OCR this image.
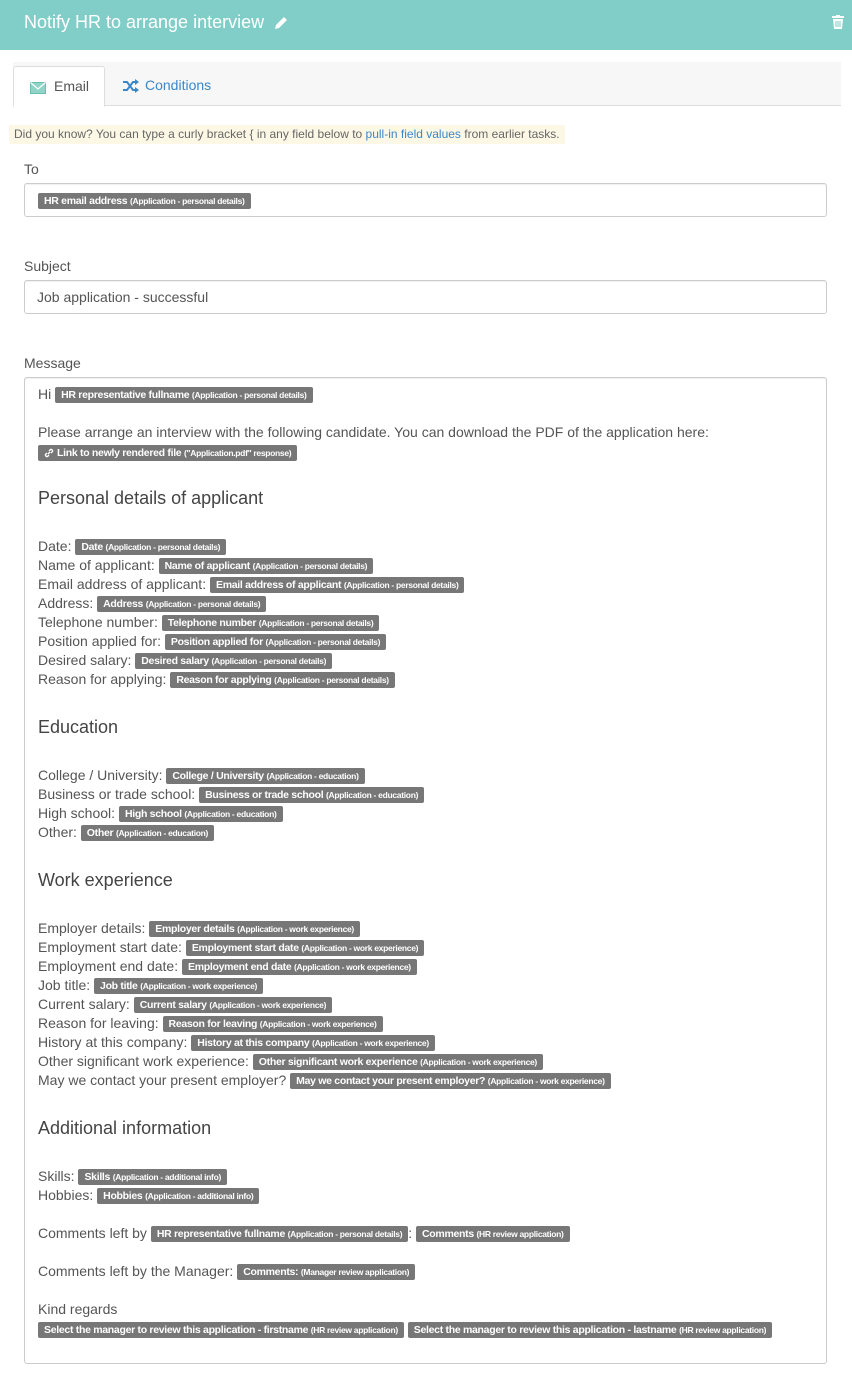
Notify HR to arrange interview
Email	Conditions
Did you know? You can type a curly bracket { in any field below to pull-in field values from earlier tasks.
To
HR email address (Application - personal details)
Subject
Job application - successful
Message
Hi HR representative fullname (Application - personal details)
Please arrange an interview with the following candidate. You can download the PDF of the application here:
Link to newly rendered file ("Application.pdf" response)
Personal details of applicant
Date: Date (Application - personal details)
Name of applicant: Name of applicant (Application - personal details)
Email address of applicant: Email address of applicant (Application - personal details)
Address: Address (Application - personal details)
Telephone number: Telephone number (Application - personal details)
Position applied for: Position applied for (Application - personal details)
Desired salary: Desired salary (Application - personal details)
Reason for applying: Reason for applying (Application - personal details)
Education
College / University: College / University (Application - education)
Business or trade school: Business or trade school (Application - education)
High school: High school (Application - education)
Other: Other (Application - education)
Work experience
Employer details: Employer details (Application - work experience)
Employment start date: Employment start date (Application - work experience)
Employment end date: Employment end date (Application - work experience)
Job title: Job title (Application - work experience)
Current salary: Current salary (Application - work experience)
Reason for leaving: Reason for leaving (Application - work experience)
History at this company: History at this company (Application - work experience)
Other significant work experience: Other significant work experience (Application - work experience)
May we contact your present employer? May we contact your present employer? (Application - work experience)
Additional information
Skills: Skills (Application - additional info)
Hobbies: Hobbies (Application - additional info)
Comments left by HR representative fullname (Application - personal details) : Comments (HR review application)
Comments left by the Manager: Comments: (Manager review application)
Kind regards
Select the manager to review this application - firstname (HR review application) Select the manager to review this application - lastname (HR review application)
